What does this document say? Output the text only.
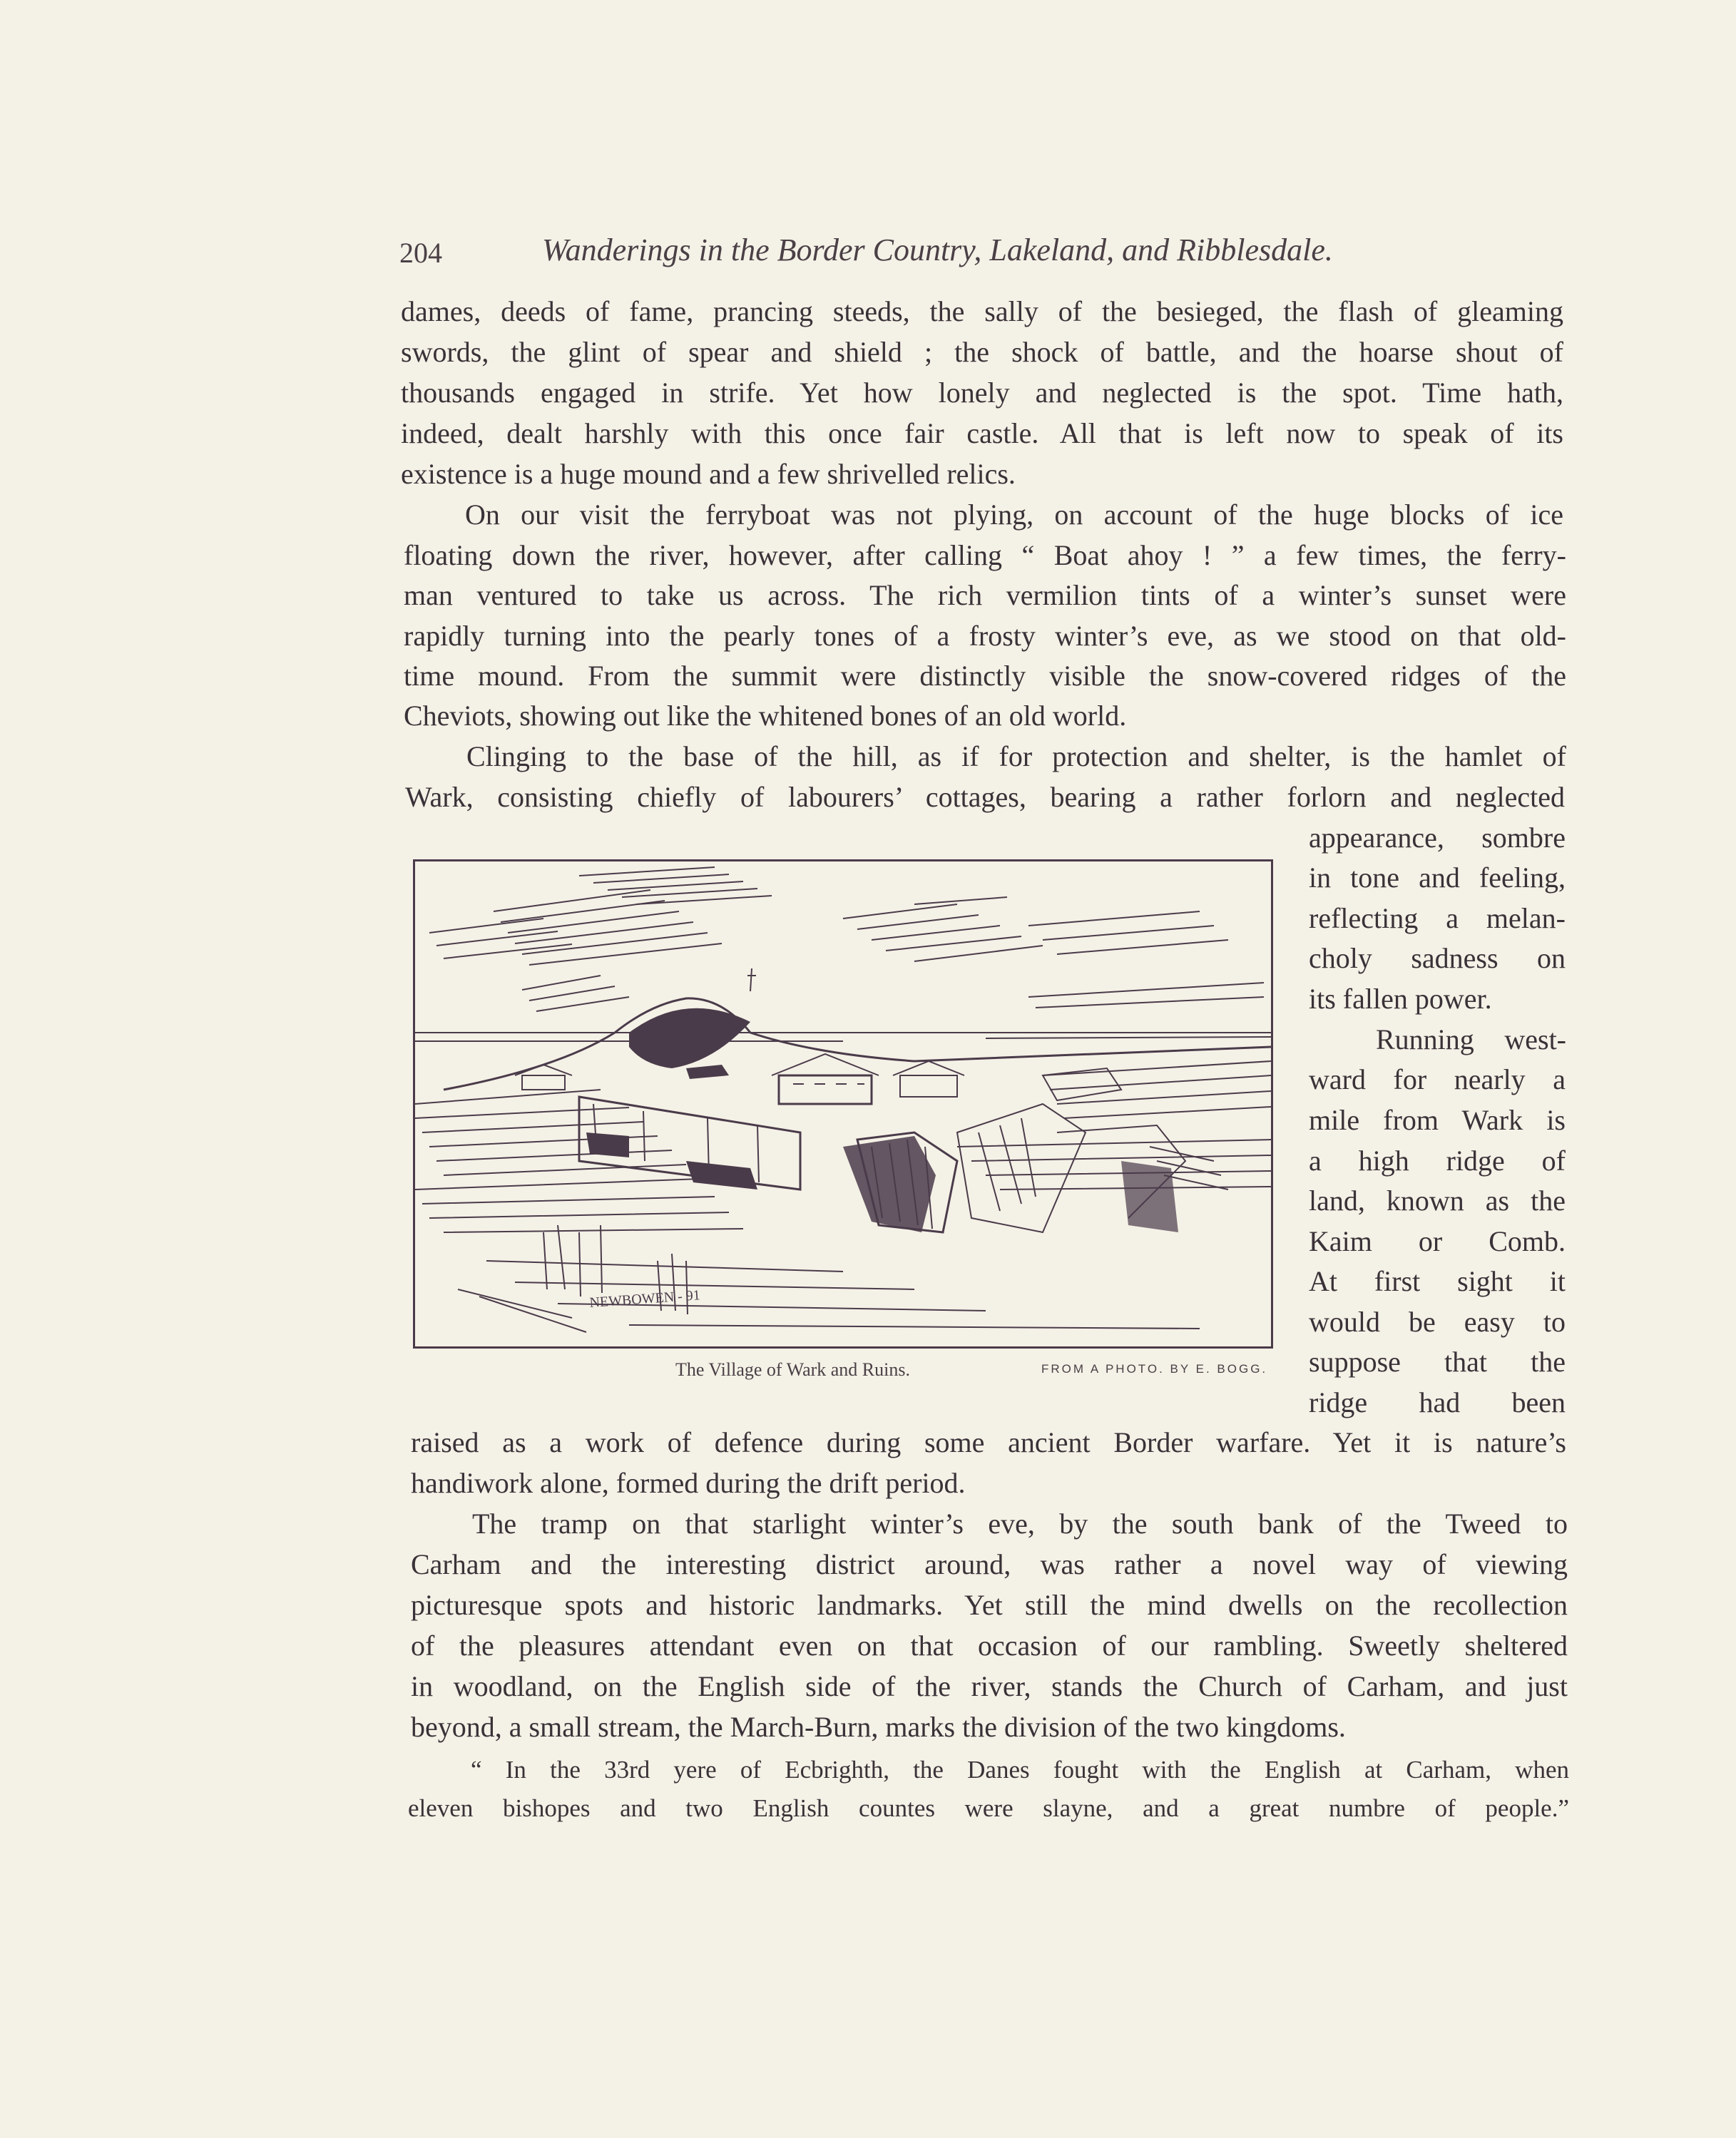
204	Wanderings in the Border Country, Lakeland, and Ribblesdale.
dames, deeds of fame, prancing steeds, the sally of the besieged, the flash of gleaming
swords, the glint of spear and shield ; the shock of battle, and the hoarse shout of
thousands engaged in strife. Yet how lonely and neglected is the spot. Time hath,
indeed, dealt harshly with this once fair castle. All that is left now to speak of its
existence is a huge mound and a few shrivelled relics.
On our visit the ferryboat was not plying, on account of the huge blocks of ice
floating down the river, however, after calling “ Boat ahoy ! ” a few times, the ferry-
man ventured to take us across. The rich vermilion tints of a winter’s sunset were
rapidly turning into the pearly tones of a frosty winter’s eve, as we stood on that old-
time mound. From the summit were distinctly visible the snow-covered ridges of the
Cheviots, showing out like the whitened bones of an old world.
Clinging to the base of the hill, as if for protection and shelter, is the hamlet of
Wark, consisting chiefly of labourers’ cottages, bearing a rather forlorn and neglected
appearance, sombre
in tone and feeling,
reflecting a melan-
choly sadness on
its fallen power.
Running west-
ward for nearly a
mile from Wark is
a high ridge of
land, known as the
Kaim or Comb.
At first sight it
would be easy to
suppose that the
ridge had been
raised as a work of defence during some ancient Border warfare. Yet it is nature’s
handiwork alone, formed during the drift period.
The tramp on that starlight winter’s eve, by the south bank of the Tweed to
Carham and the interesting district around, was rather a novel way of viewing
picturesque spots and historic landmarks. Yet still the mind dwells on the recollection
of the pleasures attendant even on that occasion of our rambling. Sweetly sheltered
in woodland, on the English side of the river, stands the Church of Carham, and just
beyond, a small stream, the March-Burn, marks the division of the two kingdoms.
“ In the 33rd yere of Ecbrighth, the Danes fought with the English at Carham, when
eleven bishopes and two English countes were slayne, and a great numbre of people.”
NEWBOWEN - 91
The Village of Wark and Ruins.	FROM A PHOTO. BY E. BOGG.
